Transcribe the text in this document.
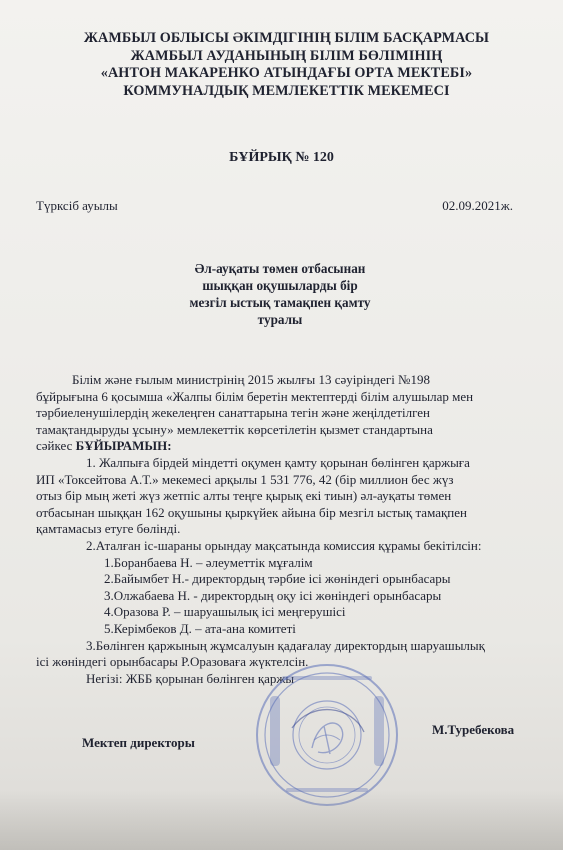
ЖАМБЫЛ ОБЛЫСЫ ӘКІМДІГІНІҢ БІЛІМ БАСҚАРМАСЫ
ЖАМБЫЛ АУДАНЫНЫҢ БІЛІМ БӨЛІМІНІҢ
«АНТОН МАКАРЕНКО АТЫНДАҒЫ ОРТА МЕКТЕБІ»
КОММУНАЛДЫҚ МЕМЛЕКЕТТІК МЕКЕМЕСІ
БҰЙРЫҚ № 120
Түрксіб ауылы	02.09.2021ж.
Әл-ауқаты төмен отбасынан
шыққан оқушыларды бір
мезгіл ыстық тамақпен қамту
туралы

Білім және ғылым министрінің 2015 жылғы 13 сәуіріндегі №198

бұйрығына 6 қосымша «Жалпы білім беретін мектептерді білім алушылар мен

тәрбиеленушілердің жекелеңген санаттарына тегін және жеңілдетілген

тамақтандыруды ұсыну» мемлекеттік көрсетілетін қызмет стандартына

сәйкес БҰЙЫРАМЫН:

1. Жалпыға бірдей міндетті оқумен қамту қорынан бөлінген қаржыға

ИП «Токсейтова А.Т.» мекемесі арқылы 1 531 776, 42 (бір миллион бес жүз

отыз бір мың жеті жүз жетпіс алты теңге қырық екі тиын) әл-ауқаты төмен

отбасынан шыққан 162 оқушыны қыркүйек айына бір мезгіл ыстық тамақпен

қамтамасыз етуге бөлінді.

2.Аталған іс-шараны орындау мақсатында комиссия құрамы бекітілсін:

1.Боранбаева Н. – әлеуметтік мұғалім

2.Байымбет Н.- директордың тәрбие ісі жөніндегі орынбасары

3.Олжабаева Н. - директордың оқу ісі жөніндегі орынбасары

4.Оразова Р. – шаруашылық ісі меңгерушісі

5.Керімбеков Д. – ата-ана комитеті

3.Бөлінген қаржының жұмсалуын қадағалау директордың шаруашылық

ісі жөніндегі орынбасары Р.Оразоваға жүктелсін.

Негізі: ЖББ қорынан бөлінген қаржы

Мектеп директоры
М.Туребекова
